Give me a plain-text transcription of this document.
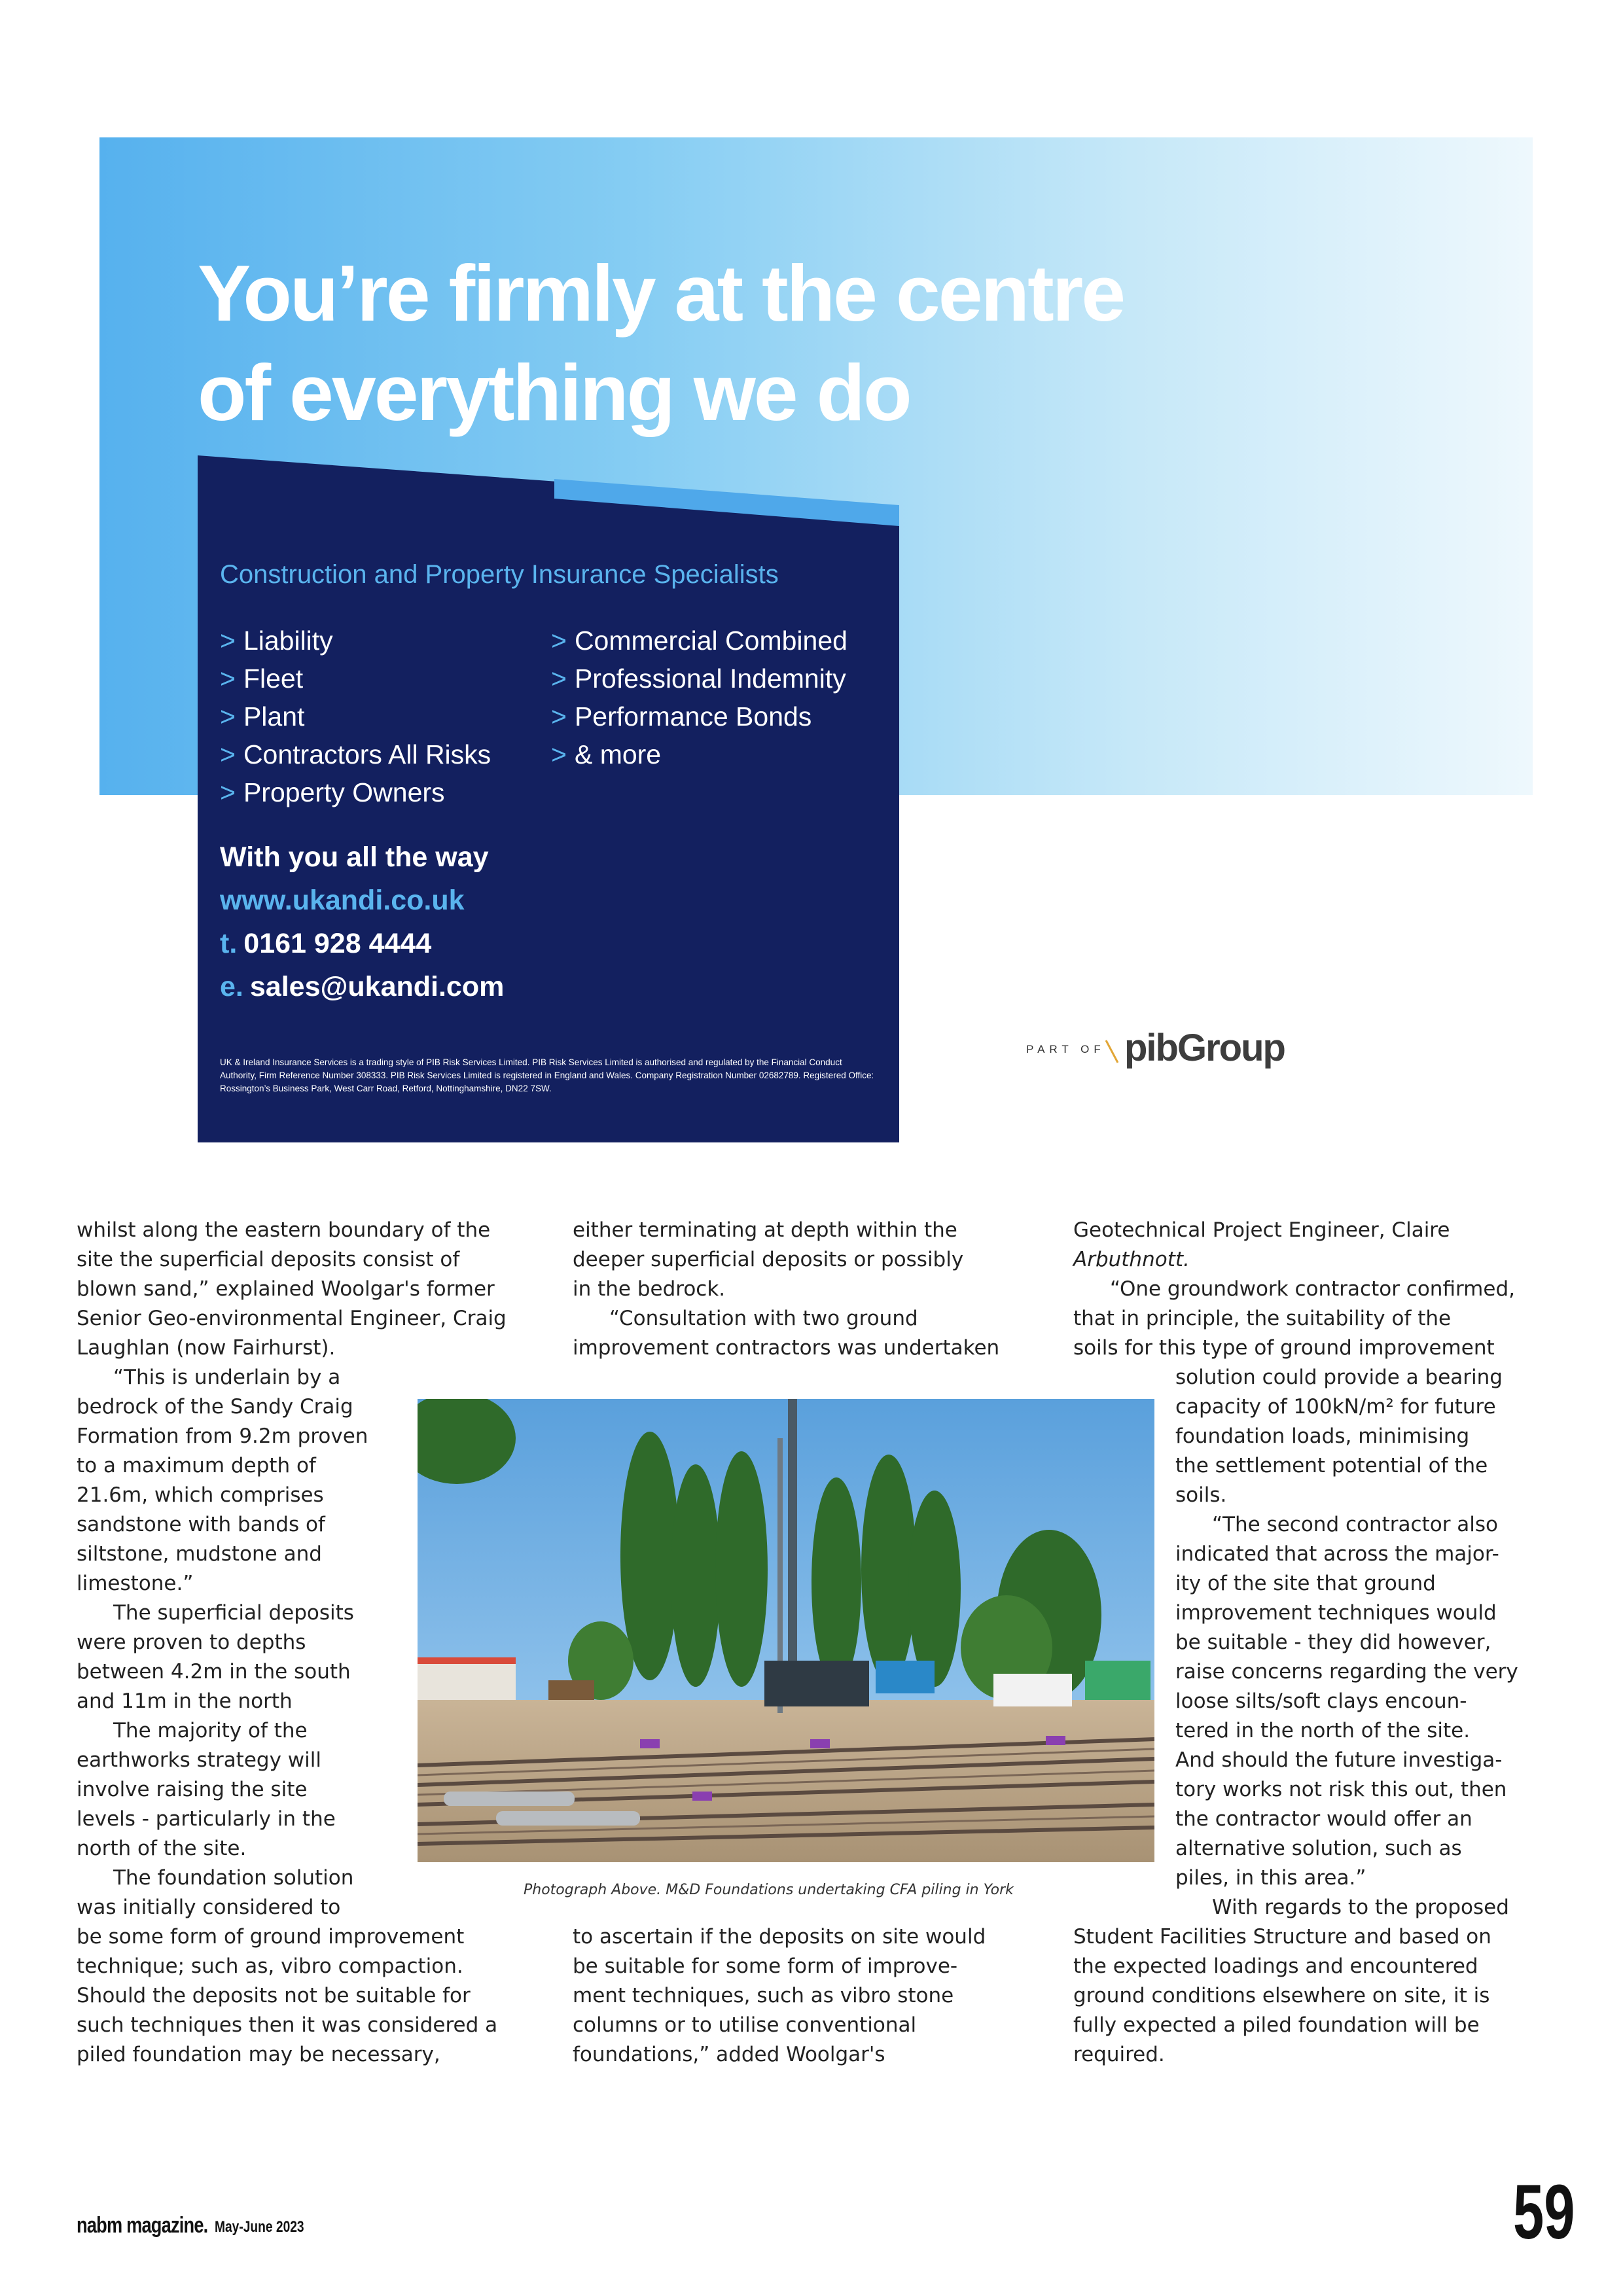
You’re firmly at the centre
of everything we do
Construction and Property Insurance Specialists
> Liability
> Fleet
> Plant
> Contractors All Risks
> Property Owners
> Commercial Combined
> Professional Indemnity
> Performance Bonds
> & more
With you all the way
www.ukandi.co.uk
t. 0161 928 4444
e. sales@ukandi.com
UK & Ireland Insurance Services is a trading style of PIB Risk Services Limited. PIB Risk Services Limited is authorised and regulated by the Financial Conduct Authority, Firm Reference Number 308333. PIB Risk Services Limited is registered in England and Wales. Company Registration Number 02682789. Registered Office: Rossington’s Business Park, West Carr Road, Retford, Nottinghamshire, DN22 7SW.
PART OF pibGroup
whilst along the eastern boundary of the
site the superficial deposits consist of
blown sand,” explained Woolgar's former
Senior Geo-environmental Engineer, Craig
Laughlan (now Fairhurst).
“This is underlain by a
bedrock of the Sandy Craig
Formation from 9.2m proven
to a maximum depth of
21.6m, which comprises
sandstone with bands of
siltstone, mudstone and
limestone.”
The superficial deposits
were proven to depths
between 4.2m in the south
and 11m in the north
The majority of the
earthworks strategy will
involve raising the site
levels - particularly in the
north of the site.
The foundation solution
was initially considered to
be some form of ground improvement
technique; such as, vibro compaction.
Should the deposits not be suitable for
such techniques then it was considered a
piled foundation may be necessary,
either terminating at depth within the
deeper superficial deposits or possibly
in the bedrock.
“Consultation with two ground
improvement contractors was undertaken
to ascertain if the deposits on site would
be suitable for some form of improve-
ment techniques, such as vibro stone
columns or to utilise conventional
foundations,” added Woolgar's
Geotechnical Project Engineer, Claire
Arbuthnott.
“One groundwork contractor confirmed,
that in principle, the suitability of the
soils for this type of ground improvement
solution could provide a bearing
capacity of 100kN/m² for future
foundation loads, minimising
the settlement potential of the
soils.
“The second contractor also
indicated that across the major-
ity of the site that ground
improvement techniques would
be suitable - they did however,
raise concerns regarding the very
loose silts/soft clays encoun-
tered in the north of the site.
And should the future investiga-
tory works not risk this out, then
the contractor would offer an
alternative solution, such as
piles, in this area.”
With regards to the proposed
Student Facilities Structure and based on
the expected loadings and encountered
ground conditions elsewhere on site, it is
fully expected a piled foundation will be
required.
Photograph Above. M&D Foundations undertaking CFA piling in York
nabm magazine. May-June 2023	59
